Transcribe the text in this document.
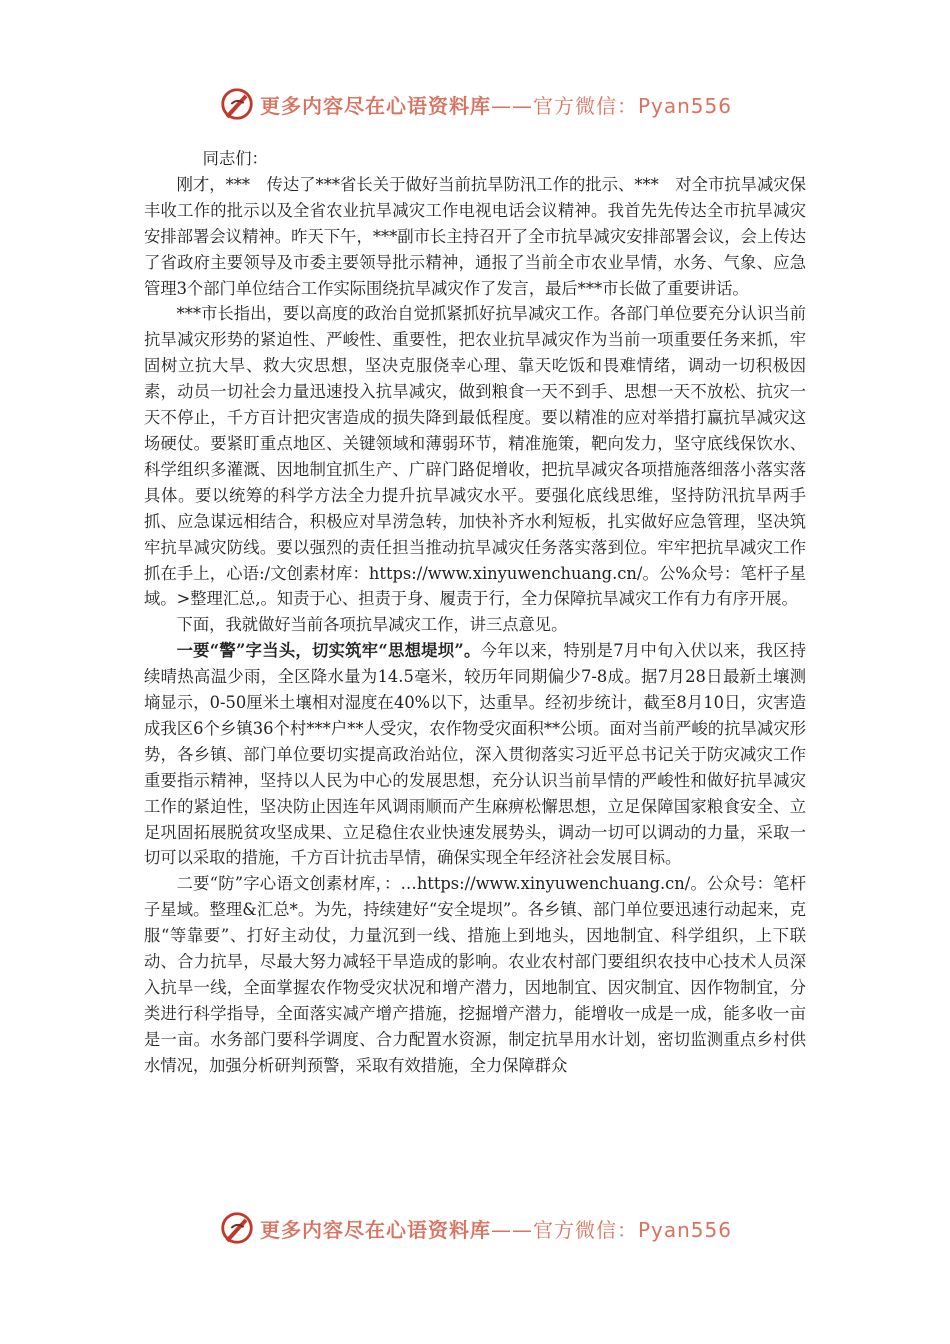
更多内容尽在心语资料库——官方微信：Pyan556

同志们：

刚才，***　传达了***省长关于做好当前抗旱防汛工作的批示、***　对全市抗旱减灾保丰收工作的批示以及全省农业抗旱减灾工作电视电话会议精神。我首先先传达全市抗旱减灾安排部署会议精神。昨天下午，***副市长主持召开了全市抗旱减灾安排部署会议，会上传达了省政府主要领导及市委主要领导批示精神，通报了当前全市农业旱情，水务、气象、应急管理3个部门单位结合工作实际围绕抗旱减灾作了发言，最后***市长做了重要讲话。

***市长指出，要以高度的政治自觉抓紧抓好抗旱减灾工作。各部门单位要充分认识当前抗旱减灾形势的紧迫性、严峻性、重要性，把农业抗旱减灾作为当前一项重要任务来抓，牢固树立抗大旱、救大灾思想，坚决克服侥幸心理、靠天吃饭和畏难情绪，调动一切积极因素，动员一切社会力量迅速投入抗旱减灾，做到粮食一天不到手、思想一天不放松、抗灾一天不停止，千方百计把灾害造成的损失降到最低程度。要以精准的应对举措打赢抗旱减灾这场硬仗。要紧盯重点地区、关键领域和薄弱环节，精准施策，靶向发力，坚守底线保饮水、科学组织多灌溉、因地制宜抓生产、广辟门路促增收，把抗旱减灾各项措施落细落小落实落具体。要以统筹的科学方法全力提升抗旱减灾水平。要强化底线思维，坚持防汛抗旱两手抓、应急谋远相结合，积极应对旱涝急转，加快补齐水利短板，扎实做好应急管理，坚决筑牢抗旱减灾防线。要以强烈的责任担当推动抗旱减灾任务落实落到位。牢牢把抗旱减灾工作抓在手上，心语:/文创素材库：https://www.xinyuwenchuang.cn/。公%众号：笔杆子星域。>整理汇总,。知责于心、担责于身、履责于行，全力保障抗旱减灾工作有力有序开展。

下面，我就做好当前各项抗旱减灾工作，讲三点意见。

一要“警”字当头，切实筑牢“思想堤坝”。今年以来，特别是7月中旬入伏以来，我区持续晴热高温少雨，全区降水量为14.5毫米，较历年同期偏少7-8成。据7月28日最新土壤测墒显示，0-50厘米土壤相对湿度在40%以下，达重旱。经初步统计，截至8月10日，灾害造成我区6个乡镇36个村***户**人受灾，农作物受灾面积**公顷。面对当前严峻的抗旱减灾形势，各乡镇、部门单位要切实提高政治站位，深入贯彻落实习近平总书记关于防灾减灾工作重要指示精神，坚持以人民为中心的发展思想，充分认识当前旱情的严峻性和做好抗旱减灾工作的紧迫性，坚决防止因连年风调雨顺而产生麻痹松懈思想，立足保障国家粮食安全、立足巩固拓展脱贫攻坚成果、立足稳住农业快速发展势头，调动一切可以调动的力量，采取一切可以采取的措施，千方百计抗击旱情，确保实现全年经济社会发展目标。

二要“防”字心语文创素材库，：…https://www.xinyuwenchuang.cn/。公众号：笔杆子星域。整理&汇总*。为先，持续建好“安全堤坝”。各乡镇、部门单位要迅速行动起来，克服“等靠要”、打好主动仗，力量沉到一线、措施上到地头，因地制宜、科学组织，上下联动、合力抗旱，尽最大努力减轻干旱造成的影响。农业农村部门要组织农技中心技术人员深入抗旱一线，全面掌握农作物受灾状况和增产潜力，因地制宜、因灾制宜、因作物制宜，分类进行科学指导，全面落实减产增产措施，挖掘增产潜力，能增收一成是一成，能多收一亩是一亩。水务部门要科学调度、合力配置水资源，制定抗旱用水计划，密切监测重点乡村供水情况，加强分析研判预警，采取有效措施，全力保障群众

更多内容尽在心语资料库——官方微信：Pyan556
